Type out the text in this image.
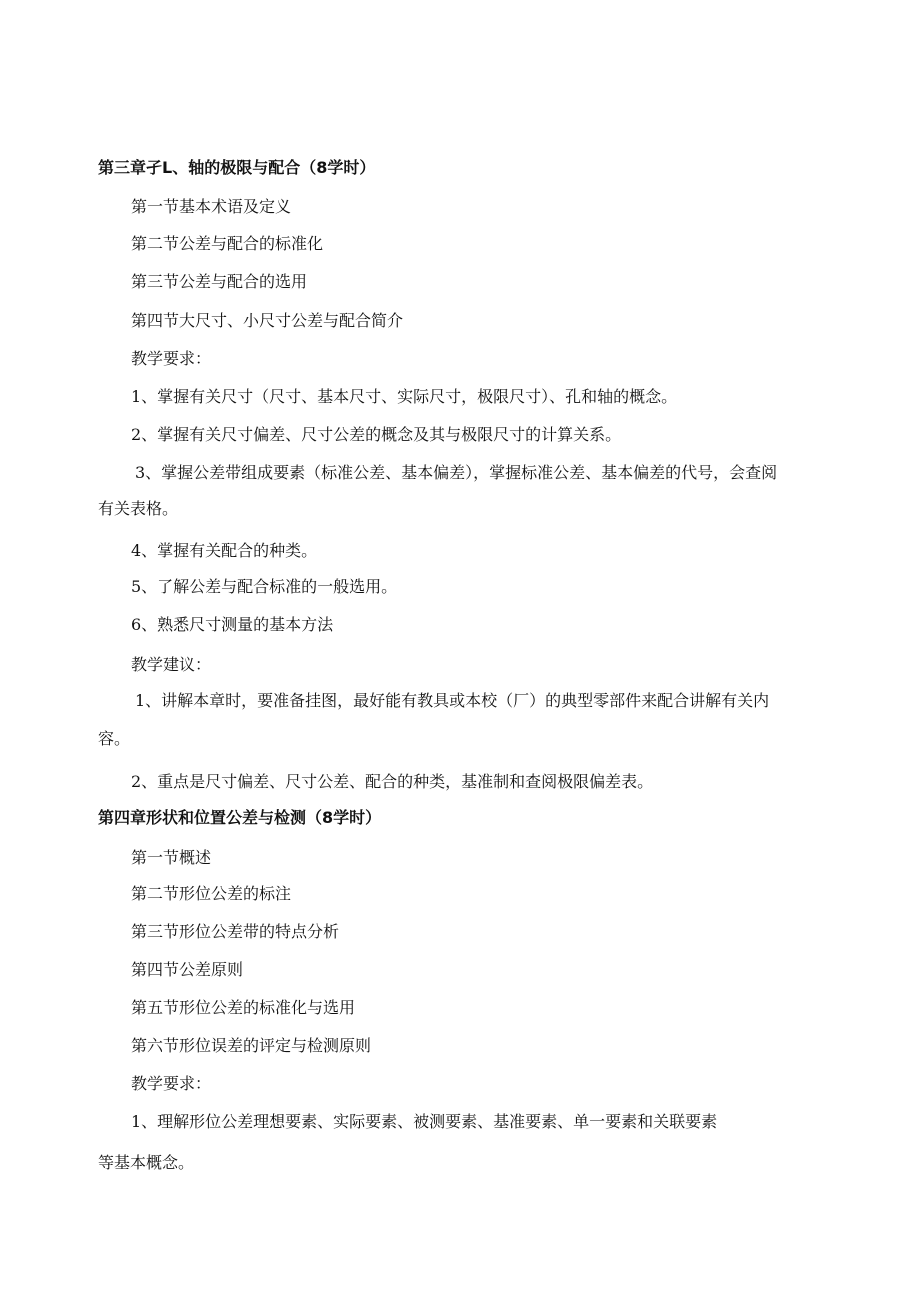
第三章孑L、轴的极限与配合（8学时）
第一节基本术语及定义
第二节公差与配合的标准化
第三节公差与配合的选用
第四节大尺寸、小尺寸公差与配合简介
教学要求：
1、掌握有关尺寸（尺寸、基本尺寸、实际尺寸，极限尺寸）、孔和轴的概念。
2、掌握有关尺寸偏差、尺寸公差的概念及其与极限尺寸的计算关系。
3、掌握公差带组成要素（标准公差、基本偏差），掌握标准公差、基本偏差的代号，会查阅
有关表格。
4、掌握有关配合的种类。
5、了解公差与配合标准的一般选用。
6、熟悉尺寸测量的基本方法
教学建议：
1、讲解本章时，要准备挂图，最好能有教具或本校（厂）的典型零部件来配合讲解有关内
容。
2、重点是尺寸偏差、尺寸公差、配合的种类，基准制和查阅极限偏差表。
第四章形状和位置公差与检测（8学时）
第一节概述
第二节形位公差的标注
第三节形位公差带的特点分析
第四节公差原则
第五节形位公差的标准化与选用
第六节形位误差的评定与检测原则
教学要求：
1、理解形位公差理想要素、实际要素、被测要素、基准要素、单一要素和关联要素
等基本概念。
